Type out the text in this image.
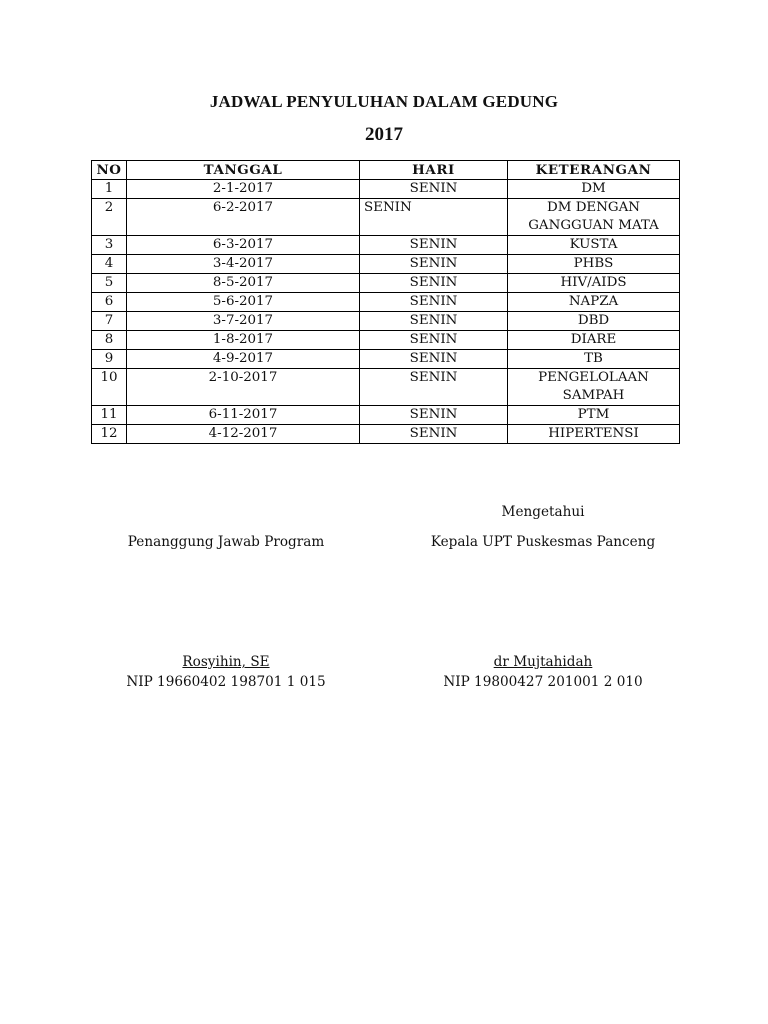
JADWAL PENYULUHAN DALAM GEDUNG
2017
NO	TANGGAL	HARI	KETERANGAN
1	2-1-2017	SENIN	DM
2	6-2-2017	SENIN	DM DENGAN GANGGUAN MATA
3	6-3-2017	SENIN	KUSTA
4	3-4-2017	SENIN	PHBS
5	8-5-2017	SENIN	HIV/AIDS
6	5-6-2017	SENIN	NAPZA
7	3-7-2017	SENIN	DBD
8	1-8-2017	SENIN	DIARE
9	4-9-2017	SENIN	TB
10	2-10-2017	SENIN	PENGELOLAAN SAMPAH
11	6-11-2017	SENIN	PTM
12	4-12-2017	SENIN	HIPERTENSI
Mengetahui
Kepala UPT Puskesmas Panceng
dr Mujtahidah
NIP 19800427 201001 2 010
Penanggung Jawab Program
Rosyihin, SE
NIP 19660402 198701 1 015
